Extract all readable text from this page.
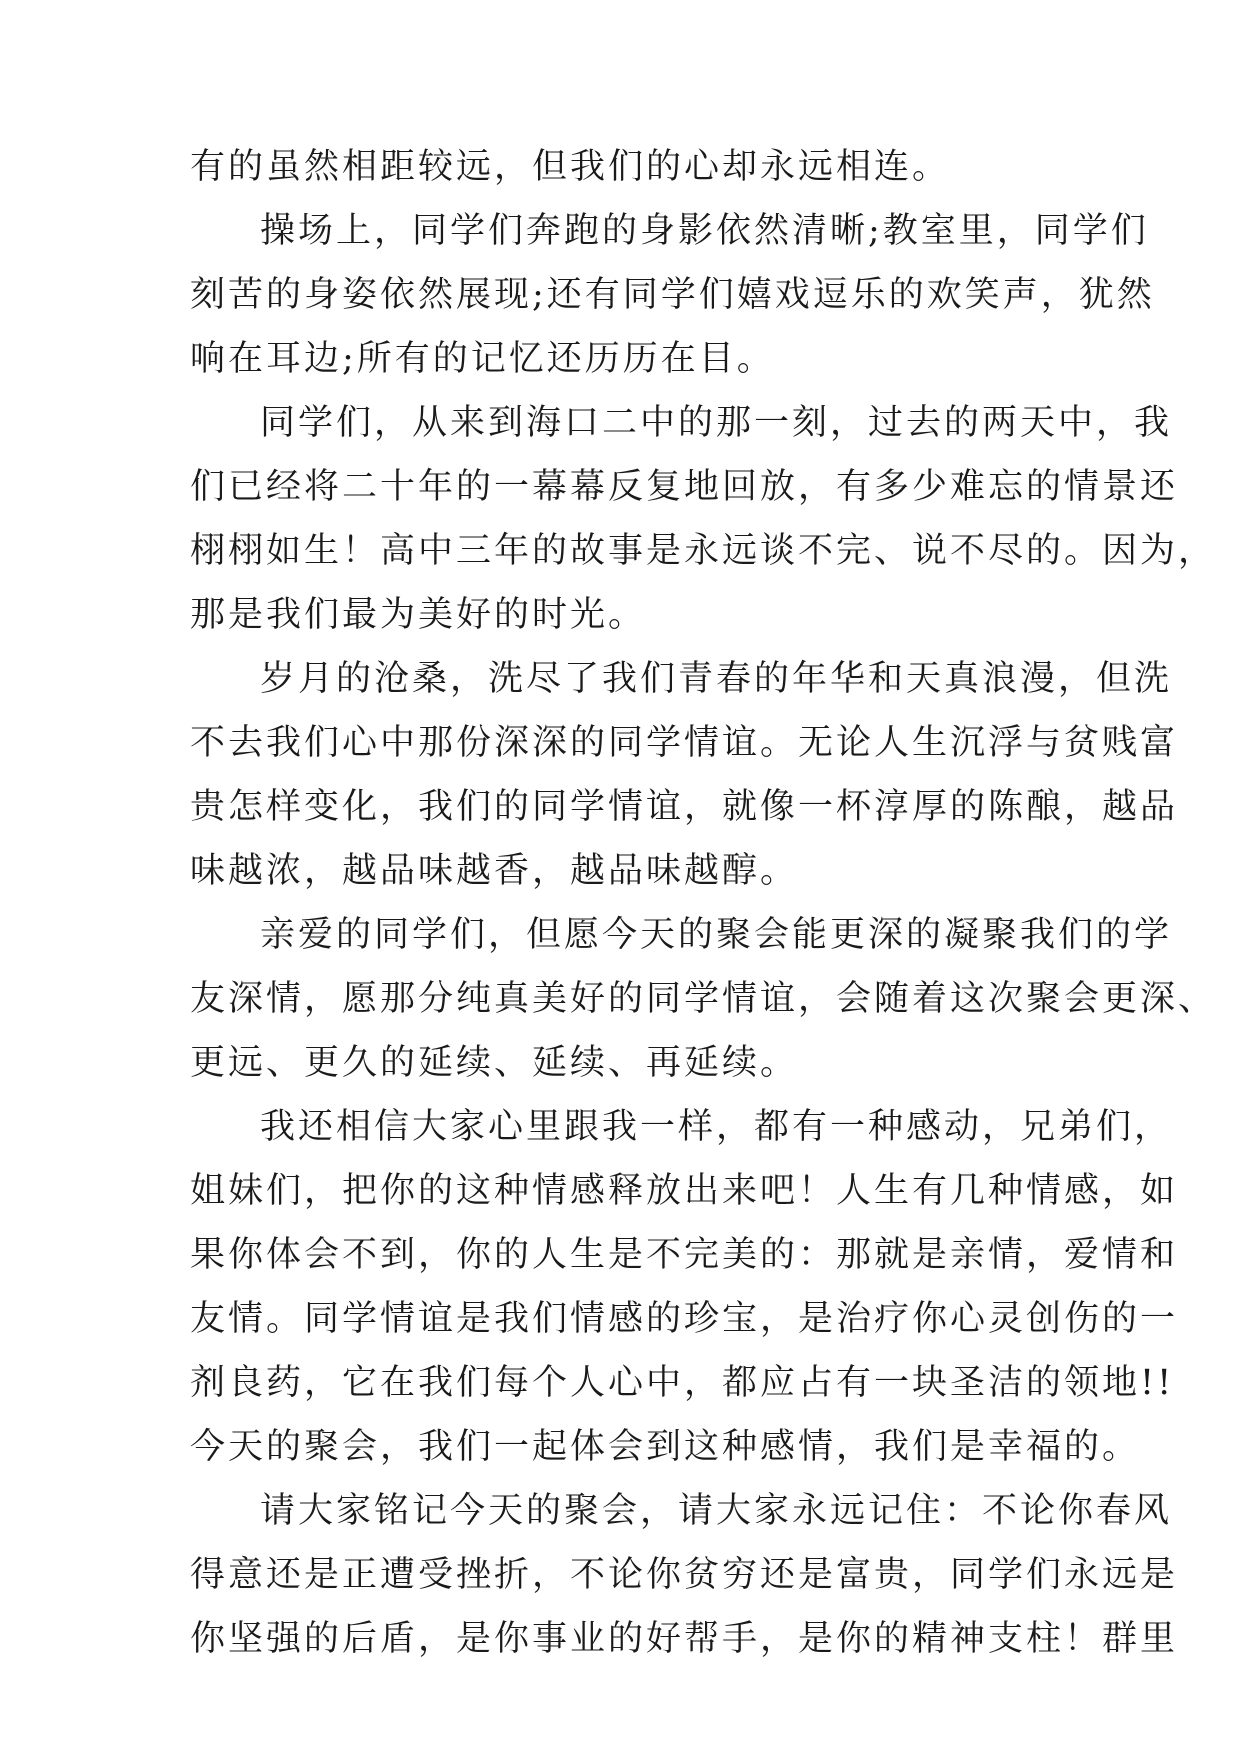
有的虽然相距较远，但我们的心却永远相连。
操场上，同学们奔跑的身影依然清晰;教室里，同学们
刻苦的身姿依然展现;还有同学们嬉戏逗乐的欢笑声，犹然
响在耳边;所有的记忆还历历在目。
同学们，从来到海口二中的那一刻，过去的两天中，我
们已经将二十年的一幕幕反复地回放，有多少难忘的情景还
栩栩如生！高中三年的故事是永远谈不完、说不尽的。因为，
那是我们最为美好的时光。
岁月的沧桑，洗尽了我们青春的年华和天真浪漫，但洗
不去我们心中那份深深的同学情谊。无论人生沉浮与贫贱富
贵怎样变化，我们的同学情谊，就像一杯淳厚的陈酿，越品
味越浓，越品味越香，越品味越醇。
亲爱的同学们，但愿今天的聚会能更深的凝聚我们的学
友深情，愿那分纯真美好的同学情谊，会随着这次聚会更深、
更远、更久的延续、延续、再延续。
我还相信大家心里跟我一样，都有一种感动，兄弟们，
姐妹们，把你的这种情感释放出来吧！人生有几种情感，如
果你体会不到，你的人生是不完美的：那就是亲情，爱情和
友情。同学情谊是我们情感的珍宝，是治疗你心灵创伤的一
剂良药，它在我们每个人心中，都应占有一块圣洁的领地!!
今天的聚会，我们一起体会到这种感情，我们是幸福的。
请大家铭记今天的聚会，请大家永远记住：不论你春风
得意还是正遭受挫折，不论你贫穷还是富贵，同学们永远是
你坚强的后盾，是你事业的好帮手，是你的精神支柱！群里
